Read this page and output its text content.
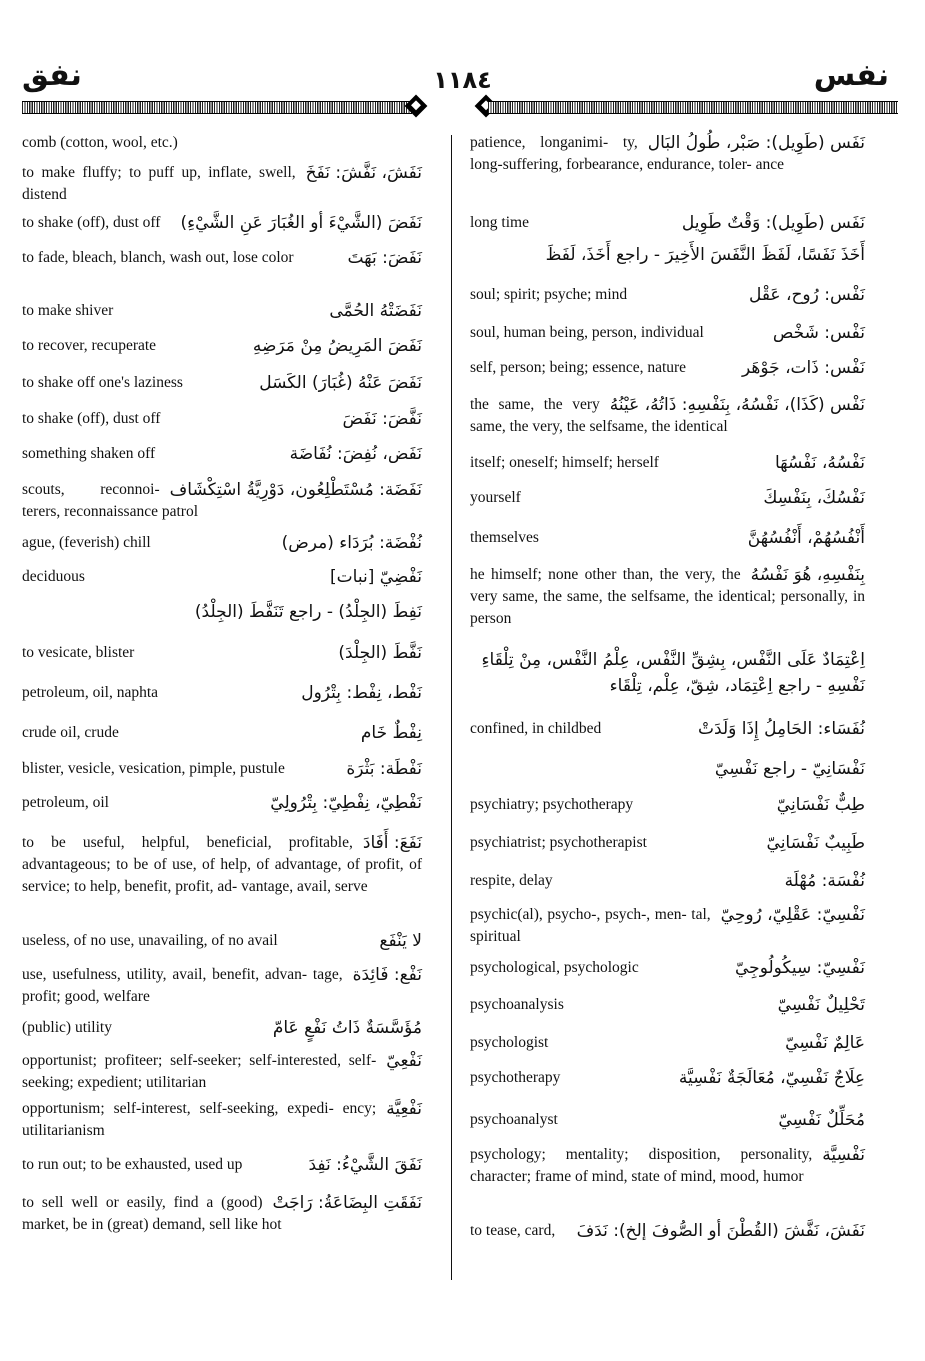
نفق	١١٨٤	نفس
comb (cotton, wool, etc.)
نَفَشَ، نَفَّشَ: نَفَخَ
to make fluffy; to puff up, inflate, swell, distend
نَفَضَ (الشَّيْءَ أو الغُبَارَ عَنِ الشَّيْءِ)
to shake (off), dust off
نَفَضَ: بَهَتَ
to fade, bleach, blanch, wash out, lose color
نَفَضَتْهُ الحُمَّى
to make shiver
نَفَضَ المَرِيضُ مِنْ مَرَضِهِ
to recover, recuperate
نَفَضَ عَنْهُ (غُبَارَ) الكَسَل
to shake off one's laziness
نَفَّضَ: نَفَضَ
to shake (off), dust off
نَفَض، نُفِضَ: نُفَاضَة
something shaken off
نَفَضَة: مُسْتَطْلِعُون، دَوْرِيَّةُ اسْتِكْشَاف
scouts, reconnoi- terers, reconnaissance patrol
نُفْضَة: بُرَدَاء (مرض)
ague, (feverish) chill
نَفْضِيّ [نبات]
deciduous
نَفِطَ (الجِلْدُ) - راجع تَنَفَّطَ (الجِلْدُ)
نَفَّطَ (الجِلْدَ)
to vesicate, blister
نَفْط، نِفْط: بِتْرُول
petroleum, oil, naphta
نِفْطٌ خَام
crude oil, crude
نَفْطَة: بَثْرَة
blister, vesicle, vesication, pimple, pustule
نَفْطِيّ، نِفْطِيّ: بِتْرُولِيّ
petroleum, oil
نَفَعَ: أَفَادَ
to be useful, helpful, beneficial, profitable, advantageous; to be of use, of help, of advantage, of profit, of service; to help, benefit, profit, ad- vantage, avail, serve
لا يَنْفَع
useless, of no use, unavailing, of no avail
نَفْع: فَائِدَة
use, usefulness, utility, avail, benefit, advan- tage, profit; good, welfare
مُؤَسَّسَةٌ ذَاتُ نَفْعٍ عَامّ
(public) utility
نَفْعِيّ
opportunist; profiteer; self-seeker; self-interested, self-seeking; expedient; utilitarian
نَفْعِيَّة
opportunism; self-interest, self-seeking, expedi- ency; utilitarianism
نَفَقَ الشَّيْءُ: نَفِدَ
to run out; to be exhausted, used up
نَفَقَتِ البِضَاعَةُ: رَاجَتْ
to sell well or easily, find a (good) market, be in (great) demand, sell like hot
نَفَس (طَوِيل): صَبْر، طُولُ البَال
patience, longanimi- ty, long-suffering, forbearance, endurance, toler- ance
نَفَس (طَوِيل): وَقْتٌ طَوِيل
long time
أَخَذَ نَفَسًا، لَفَظَ النَّفَسَ الأَخِيرَ - راجع أَخَذَ، لَفَظَ
نَفْس: رُوح، عَقْل
soul; spirit; psyche; mind
نَفْس: شَخْص
soul, human being, person, individual
نَفْس: ذَات، جَوْهَر
self, person; being; essence, nature
نَفْس (كَذَا)، نَفْسُهُ، بِنَفْسِهِ: ذَاتُهُ، عَيْنُهُ
the same, the very same, the very, the selfsame, the identical
نَفْسُهُ، نَفْسُهَا
itself; oneself; himself; herself
نَفْسُكَ، بِنَفْسِكَ
yourself
أَنْفُسُهُمْ، أَنْفُسُهُنَّ
themselves
بِنَفْسِهِ، هُوَ نَفْسُهُ
he himself; none other than, the very, the very same, the same, the selfsame, the identical; personally, in person
اِعْتِمَادٌ عَلَى النَّفْس، بِشِقِّ النَّفْس، عِلْمُ النَّفْس، مِنْ تِلْقَاءِ نَفْسِهِ - راجع اِعْتِمَاد، شِقّ، عِلْم، تِلْقَاء
نُفَسَاء: الحَامِلُ إِذَا وَلَدَتْ
confined, in childbed
نَفْسَانِيّ - راجع نَفْسِيّ
طِبٌّ نَفْسَانِيّ
psychiatry; psychotherapy
طَبِيبٌ نَفْسَانِيّ
psychiatrist; psychotherapist
نُفْسَة: مُهْلَة
respite, delay
نَفْسِيّ: عَقْلِيّ، رُوحِيّ
psychic(al), psycho-, psych-, men- tal, spiritual
نَفْسِيّ: سِيكُولُوجِيّ
psychological, psychologic
تَحْلِيلٌ نَفْسِيّ
psychoanalysis
عَالِمٌ نَفْسِيّ
psychologist
عِلَاجٌ نَفْسِيّ، مُعَالَجَةٌ نَفْسِيَّة
psychotherapy
مُحَلِّلٌ نَفْسِيّ
psychoanalyst
نَفْسِيَّة
psychology; mentality; disposition, personality, character; frame of mind, state of mind, mood, humor
نَفَشَ، نَفَّشَ (القُطْنَ أو الصُّوفَ إلخ): نَدَفَ
to tease, card,
